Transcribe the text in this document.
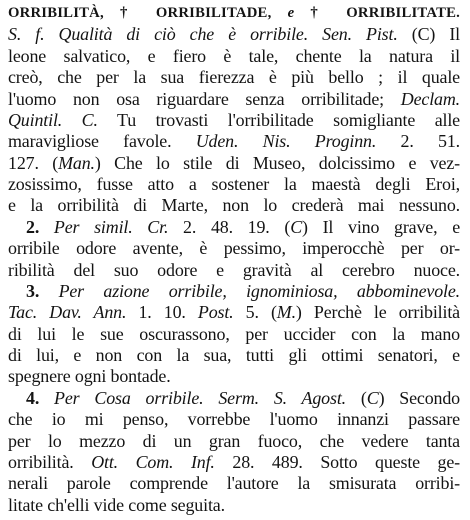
ORRIBILITÀ, † ORRIBILITADE, e † ORRIBILITATE.
S. f. Qualità di ciò che è orribile. Sen. Pist. (C) Il
leone salvatico, e fiero è tale, chente la natura il
creò, che per la sua fierezza è più bello ; il quale
l'uomo non osa riguardare senza orribilitade; Declam.
Quintil. C. Tu trovasti l'orribilitade somigliante alle
maravigliose favole. Uden. Nis. Proginn. 2. 51.
127. (Man.) Che lo stile di Museo, dolcissimo e vez-
zosissimo, fusse atto a sostener la maestà degli Eroi,
e la orribilità di Marte, non lo crederà mai nessuno.
2. Per simil. Cr. 2. 48. 19. (C) Il vino grave, e
orribile odore avente, è pessimo, imperocchè per or-
ribilità del suo odore e gravità al cerebro nuoce.
3. Per azione orribile, ignominiosa, abbominevole.
Tac. Dav. Ann. 1. 10. Post. 5. (M.) Perchè le orribilità
di lui le sue oscurassono, per uccider con la mano
di lui, e non con la sua, tutti gli ottimi senatori, e
spegnere ogni bontade.
4. Per Cosa orribile. Serm. S. Agost. (C) Secondo
che io mi penso, vorrebbe l'uomo innanzi passare
per lo mezzo di un gran fuoco, che vedere tanta
orribilità. Ott. Com. Inf. 28. 489. Sotto queste ge-
nerali parole comprende l'autore la smisurata orribi-
litate ch'elli vide come seguita.
